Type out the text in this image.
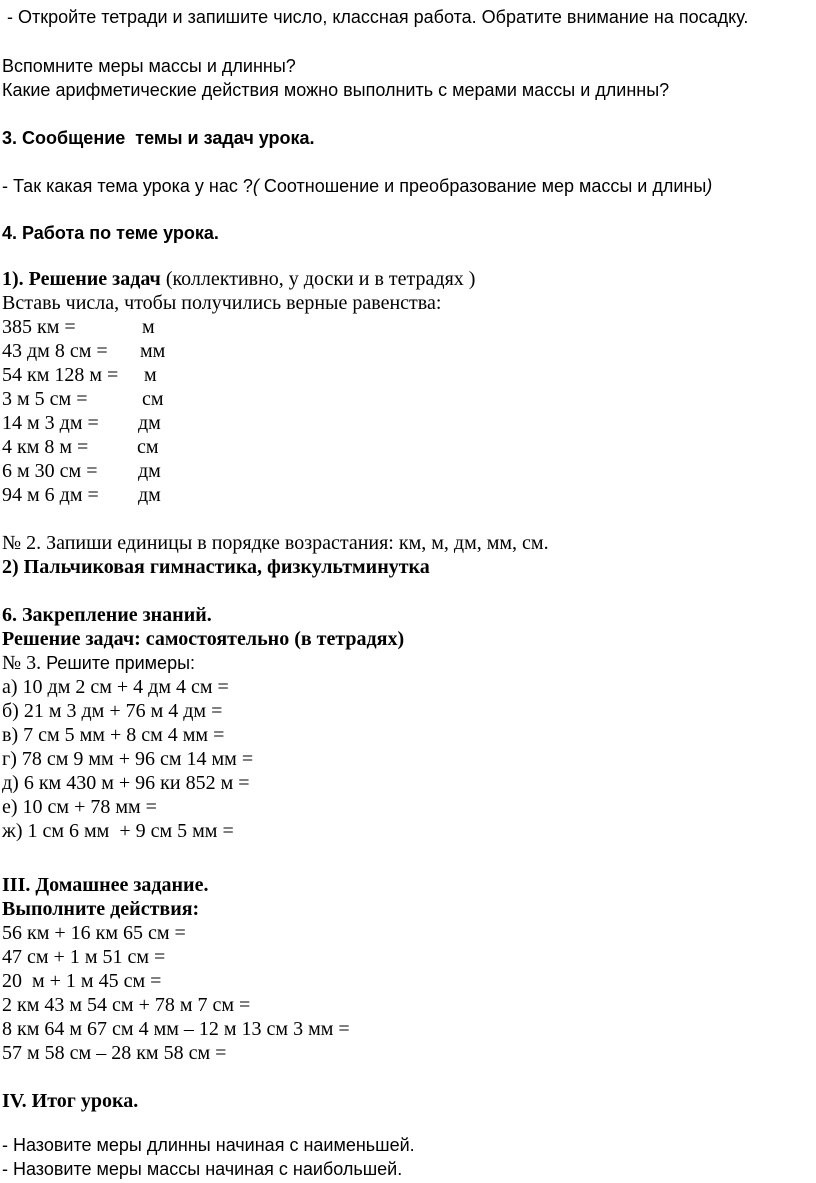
- Откройте тетради и запишите число, классная работа. Обратите внимание на посадку.
Вспомните меры массы и длинны?
Какие арифметические действия можно выполнить с мерами массы и длинны?
3. Сообщение  темы и задач урока.
- Так какая тема урока у нас ?( Соотношение и преобразование мер массы и длины)
4. Работа по теме урока.
1). Решение задач (коллективно, у доски и в тетрадях )
Вставь числа, чтобы получились верные равенства:
385 км =	м
43 дм 8 см = мм
54 км 128 м = м
3 м 5 см =	см
14 м 3 дм = дм
4 км 8 м = см
6 м 30 см = дм
94 м 6 дм = дм
№ 2. Запиши единицы в порядке возрастания: км, м, дм, мм, см.
2) Пальчиковая гимнастика, физкультминутка
6. Закрепление знаний.
Решение задач: самостоятельно (в тетрадях)
№ 3. Решите примеры:
а) 10 дм 2 см + 4 дм 4 см =
б) 21 м 3 дм + 76 м 4 дм =
в) 7 см 5 мм + 8 см 4 мм =
г) 78 см 9 мм + 96 см 14 мм =
д) 6 км 430 м + 96 ки 852 м =
е) 10 см + 78 мм =
ж) 1 см 6 мм  + 9 см 5 мм =
III. Домашнее задание.
Выполните действия:
56 км + 16 км 65 см =
47 см + 1 м 51 см =
20  м + 1 м 45 см =
2 км 43 м 54 см + 78 м 7 см =
8 км 64 м 67 см 4 мм – 12 м 13 см 3 мм =
57 м 58 см – 28 км 58 см =
IV. Итог урока.
- Назовите меры длинны начиная с наименьшей.
- Назовите меры массы начиная с наибольшей.
